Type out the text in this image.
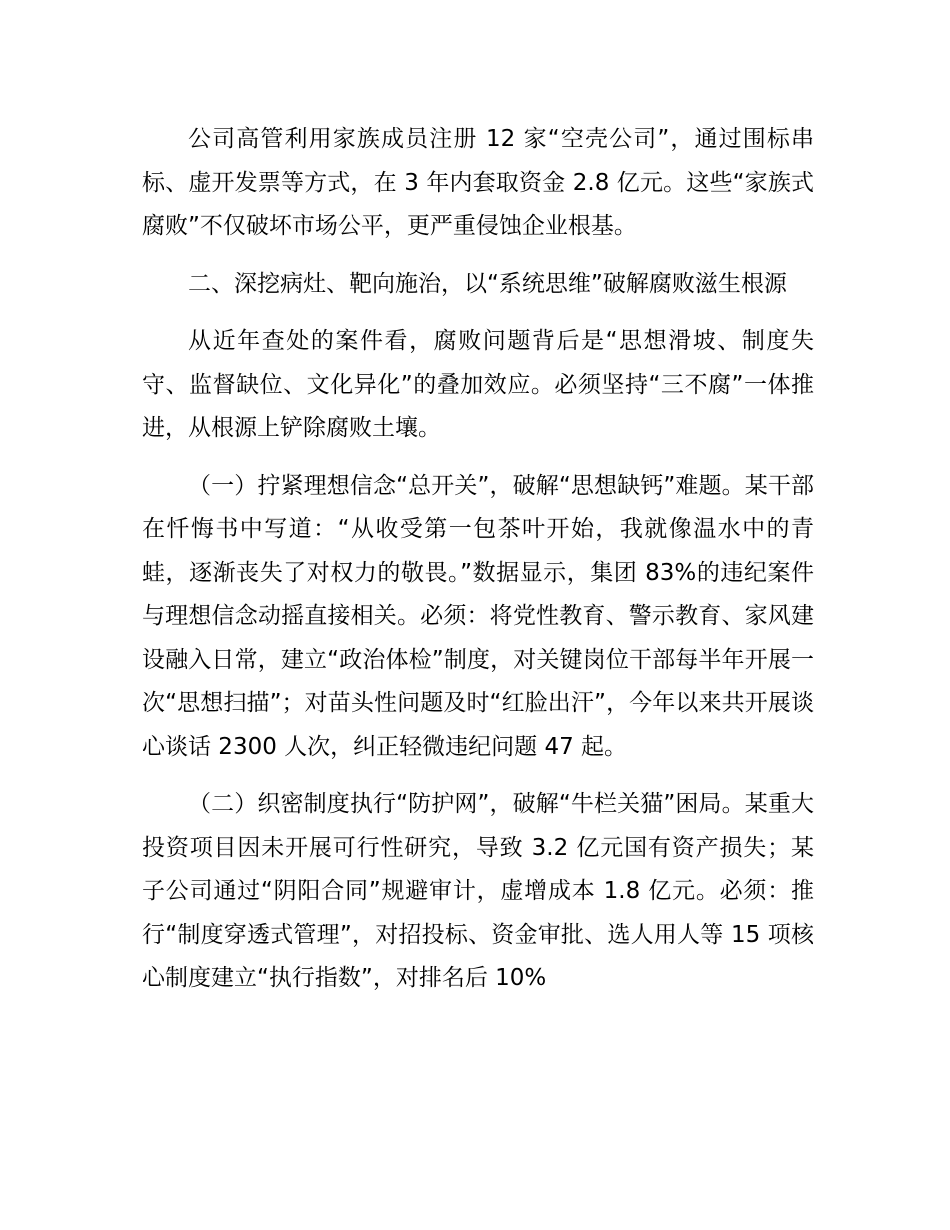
公司高管利用家族成员注册 12 家“空壳公司”，通过围标串标、虚开发票等方式，在 3 年内套取资金 2.8 亿元。这些“家族式腐败”不仅破坏市场公平，更严重侵蚀企业根基。

二、深挖病灶、靶向施治，以“系统思维”破解腐败滋生根源

从近年查处的案件看，腐败问题背后是“思想滑坡、制度失守、监督缺位、文化异化”的叠加效应。必须坚持“三不腐”一体推进，从根源上铲除腐败土壤。

（一）拧紧理想信念“总开关”，破解“思想缺钙”难题。某干部在忏悔书中写道：“从收受第一包茶叶开始，我就像温水中的青蛙，逐渐丧失了对权力的敬畏。”数据显示，集团 83%的违纪案件与理想信念动摇直接相关。必须：将党性教育、警示教育、家风建设融入日常，建立“政治体检”制度，对关键岗位干部每半年开展一次“思想扫描”；对苗头性问题及时“红脸出汗”，今年以来共开展谈心谈话 2300 人次，纠正轻微违纪问题 47 起。

（二）织密制度执行“防护网”，破解“牛栏关猫”困局。某重大投资项目因未开展可行性研究，导致 3.2 亿元国有资产损失；某子公司通过“阴阳合同”规避审计，虚增成本 1.8 亿元。必须：推行“制度穿透式管理”，对招投标、资金审批、选人用人等 15 项核心制度建立“执行指数”，对排名后 10%
